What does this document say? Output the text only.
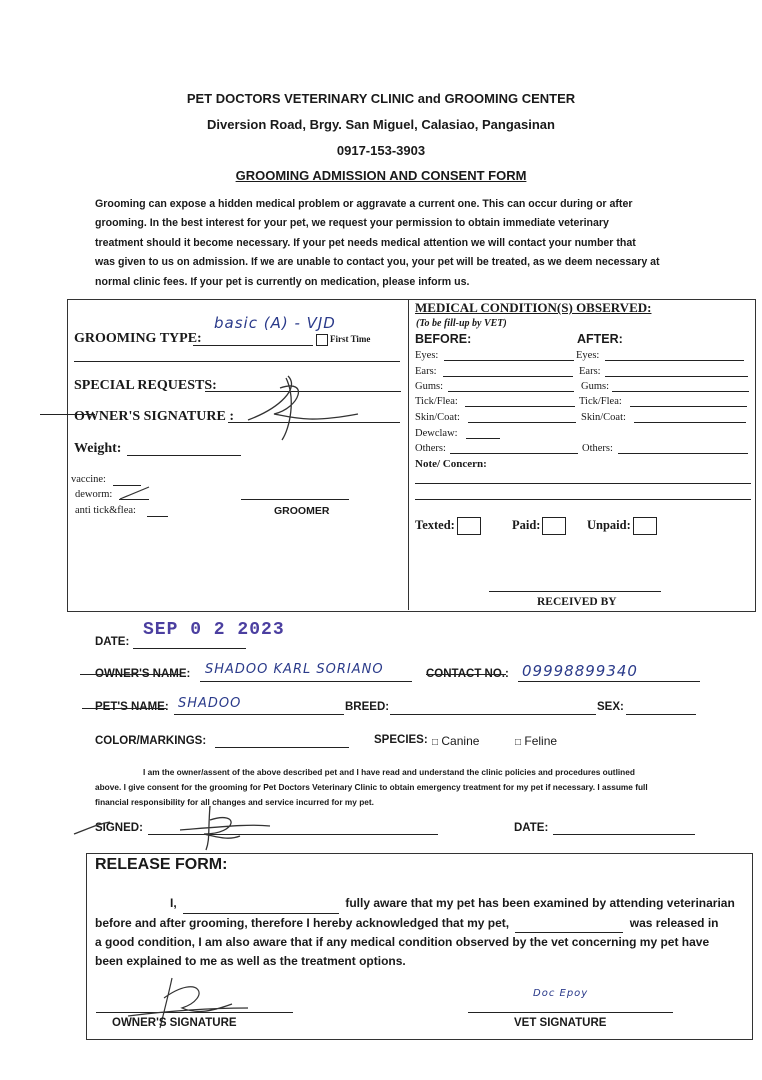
PET DOCTORS VETERINARY CLINIC and GROOMING CENTER
Diversion Road, Brgy. San Miguel, Calasiao, Pangasinan
0917-153-3903
GROOMING ADMISSION AND CONSENT FORM
Grooming can expose a hidden medical problem or aggravate a current one. This can occur during or after
grooming. In the best interest for your pet, we request your permission to obtain immediate veterinary
treatment should it become necessary. If your pet needs medical attention we will contact your number that
was given to us on admission. If we are unable to contact you, your pet will be treated, as we deem necessary at
normal clinic fees. If your pet is currently on medication, please inform us.
GROOMING TYPE:
basic (A) - VJD
First Time
SPECIAL REQUESTS:
OWNER'S SIGNATURE :
Weight:
vaccine:
deworm:
anti tick&flea:	GROOMER
MEDICAL CONDITION(S) OBSERVED:
(To be fill-up by VET)
BEFORE:	AFTER:
Eyes:	Eyes:
Ears:	Ears:
Gums:	Gums:
Tick/Flea:	Tick/Flea:
Skin/Coat:	Skin/Coat:
Dewclaw:
Others:	Others:
Note/ Concern:
Texted:	Paid:	Unpaid:
RECEIVED BY
DATE:
SEP 0 2 2023
OWNER'S NAME: SHADOO KARL SORIANO	CONTACT NO.: 09998899340
PET'S NAME: SHADOO	BREED:	SEX:
COLOR/MARKINGS:	SPECIES: □ Canine	□ Feline
I am the owner/assent of the above described pet and I have read and understand the clinic policies and procedures outlined
above. I give consent for the grooming for Pet Doctors Veterinary Clinic to obtain emergency treatment for my pet if necessary. I assume full
financial responsibility for all changes and service incurred for my pet.
SIGNED:	DATE:
RELEASE FORM:
I,	fully aware that my pet has been examined by attending veterinarian
before and after grooming, therefore I hereby acknowledged that my pet,	was released in
a good condition, I am also aware that if any medical condition observed by the vet concerning my pet have
been explained to me as well as the treatment options.
OWNER'S SIGNATURE
Doc Epoy
VET SIGNATURE
